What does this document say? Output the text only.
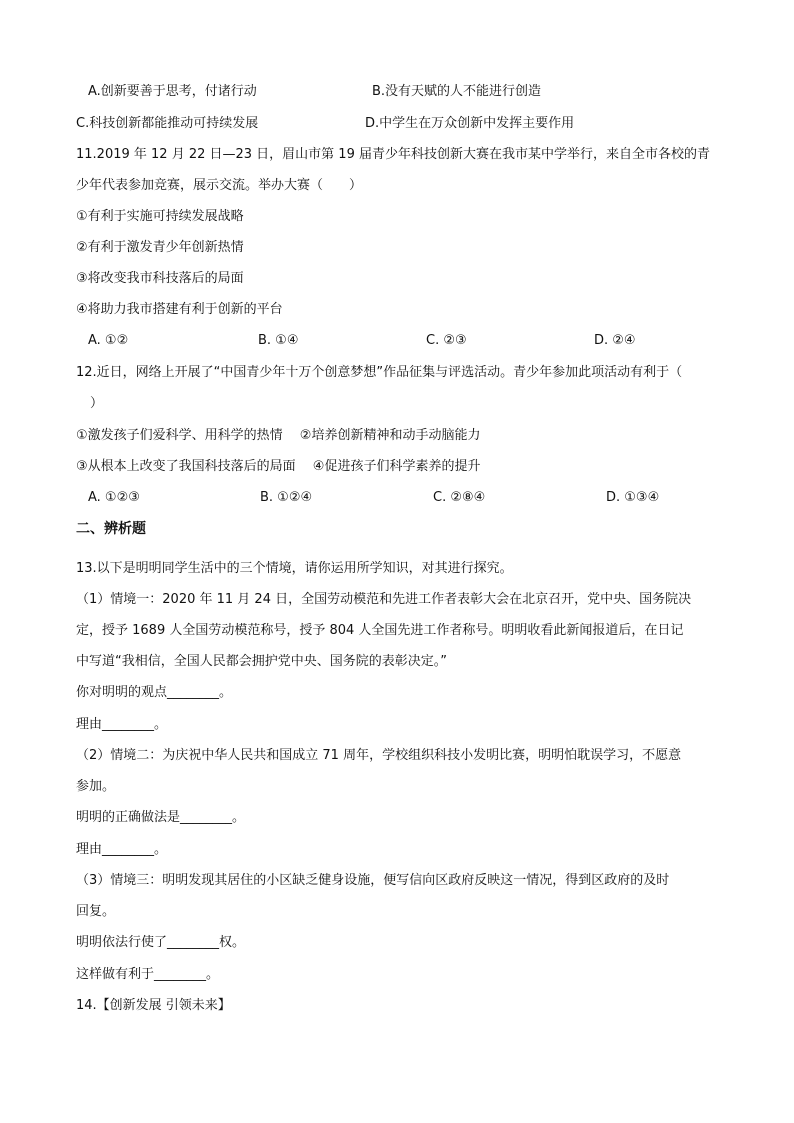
A.创新要善于思考，付诸行动	B.没有天赋的人不能进行创造
C.科技创新都能推动可持续发展	D.中学生在万众创新中发挥主要作用
11.2019 年 12 月 22 日—23 日，眉山市第 19 届青少年科技创新大赛在我市某中学举行，来自全市各校的青
少年代表参加竞赛，展示交流。举办大赛（　　）
①有利于实施可持续发展战略
②有利于激发青少年创新热情
③将改变我市科技落后的局面
④将助力我市搭建有利于创新的平台
A. ①②	B. ①④	C. ②③	D. ②④
12.近日，网络上开展了“中国青少年十万个创意梦想”作品征集与评选活动。青少年参加此项活动有利于（
）
①激发孩子们爱科学、用科学的热情　 ②培养创新精神和动手动脑能力
③从根本上改变了我国科技落后的局面　 ④促进孩子们科学素养的提升
A. ①②③	B. ①②④	C. ②⑧④	D. ①③④
二、辨析题
13.以下是明明同学生活中的三个情境，请你运用所学知识，对其进行探究。
（1）情境一：2020 年 11 月 24 日，全国劳动模范和先进工作者表彰大会在北京召开，党中央、国务院决
定，授予 1689 人全国劳动模范称号，授予 804 人全国先进工作者称号。明明收看此新闻报道后，在日记
中写道“我相信，全国人民都会拥护党中央、国务院的表彰决定。”
你对明明的观点________。
理由________。
（2）情境二：为庆祝中华人民共和国成立 71 周年，学校组织科技小发明比赛，明明怕耽误学习，不愿意
参加。
明明的正确做法是________。
理由________。
（3）情境三：明明发现其居住的小区缺乏健身设施，便写信向区政府反映这一情况，得到区政府的及时
回复。
明明依法行使了________权。
这样做有利于________。
14.【创新发展 引领未来】
